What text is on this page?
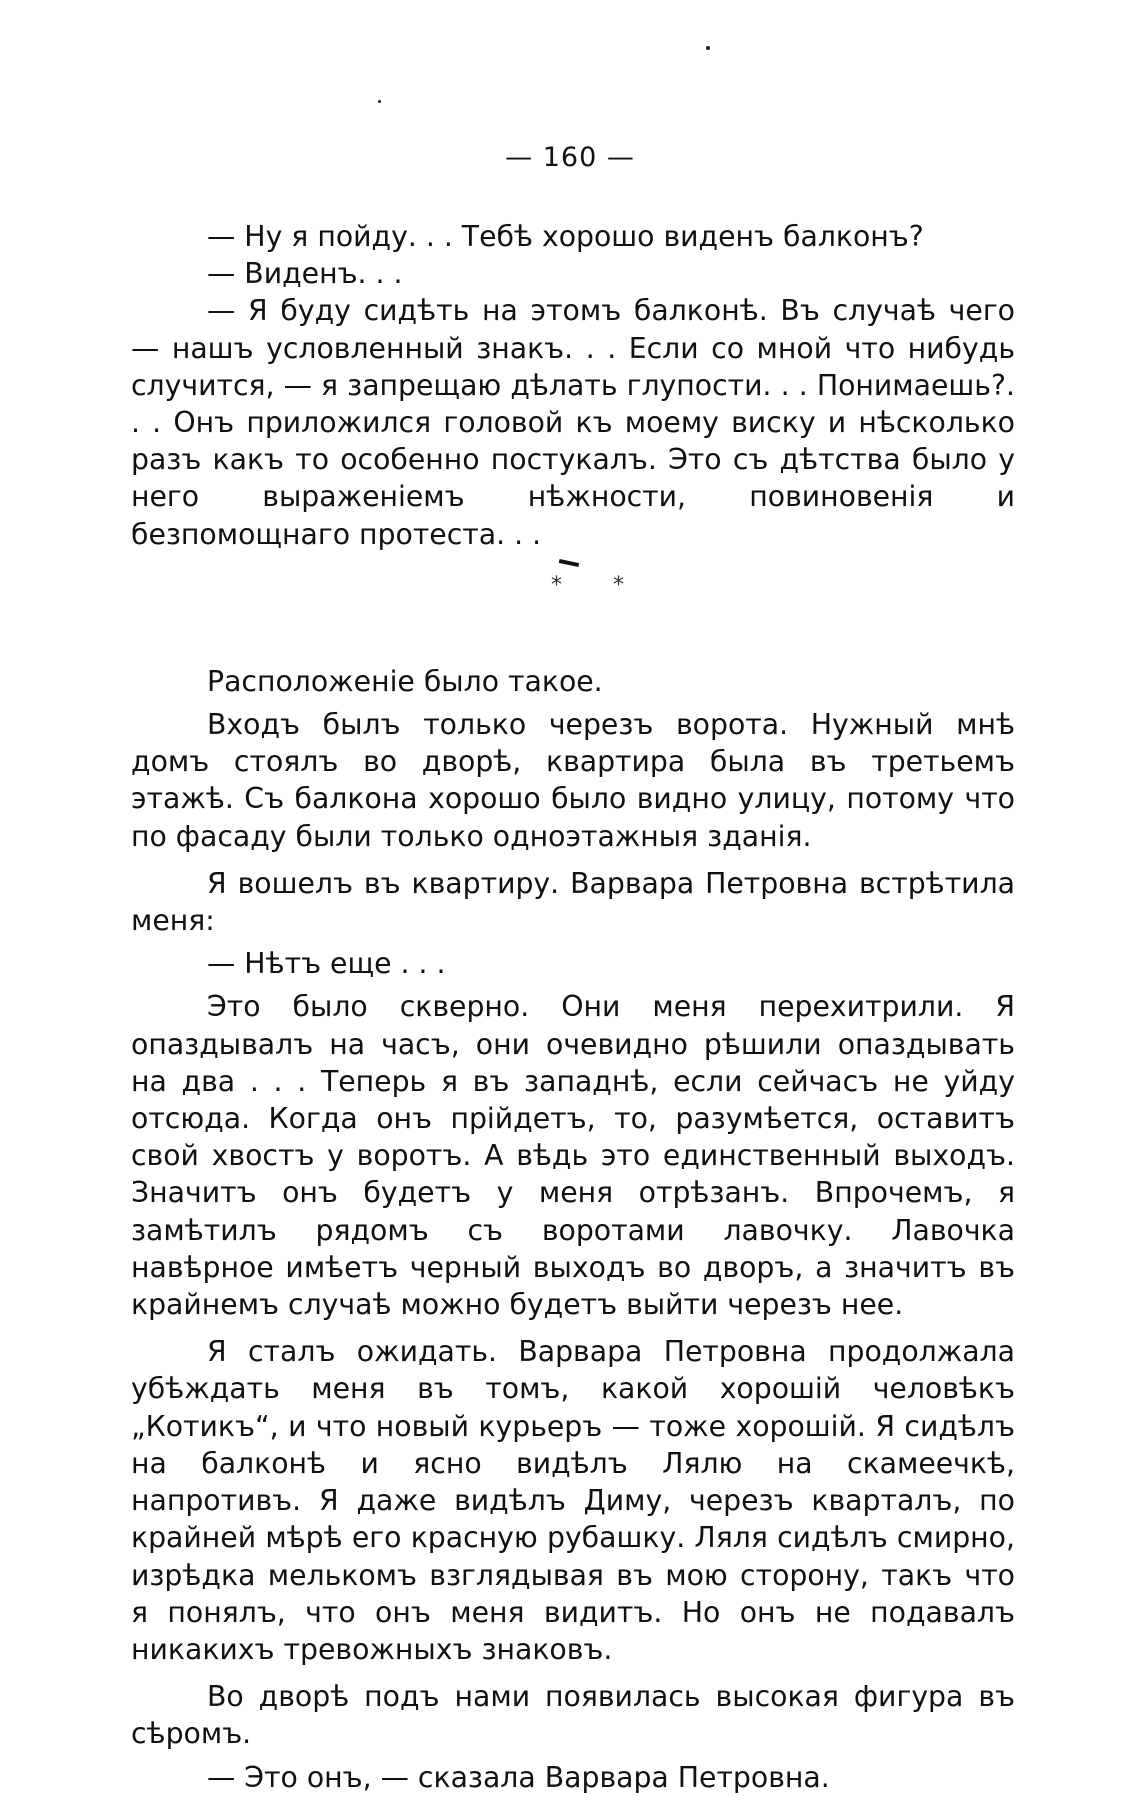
— 160 —

— Ну я пойду. . . Тебѣ хорошо виденъ балконъ?

— Виденъ. . .

— Я буду сидѣть на этомъ балконѣ. Въ случаѣ чего — нашъ условленный знакъ. . . Если со мной что нибудь случится, — я запрещаю дѣлать глупости. . . Понимаешь?. . . Онъ приложился головой къ моему виску и нѣсколько разъ какъ то особенно постукалъ. Это съ дѣтства было у него выраженіемъ нѣжности, повиновенія и безпомощнаго протеста. . .

* *

Расположеніе было такое.

Входъ былъ только черезъ ворота. Нужный мнѣ домъ стоялъ во дворѣ, квартира была въ третьемъ этажѣ. Съ балкона хорошо было видно улицу, потому что по фасаду были только одноэтажныя зданія.

Я вошелъ въ квартиру. Варвара Петровна встрѣтила меня:

— Нѣтъ еще . . .

Это было скверно. Они меня перехитрили. Я опаздывалъ на часъ, они очевидно рѣшили опаздывать на два . . . Теперь я въ западнѣ, если сейчасъ не уйду отсюда. Когда онъ прійдетъ, то, разумѣется, оставитъ свой хвостъ у воротъ. А вѣдь это единственный выходъ. Значитъ онъ будетъ у меня отрѣзанъ. Впрочемъ, я замѣтилъ рядомъ съ воротами лавочку. Лавочка навѣрное имѣетъ черный выходъ во дворъ, а значитъ въ крайнемъ случаѣ можно будетъ выйти черезъ нее.

Я сталъ ожидать. Варвара Петровна продолжала убѣждать меня въ томъ, какой хорошій человѣкъ „Котикъ“, и что новый курьеръ — тоже хорошій. Я сидѣлъ на балконѣ и ясно видѣлъ Лялю на скамеечкѣ, напротивъ. Я даже видѣлъ Диму, черезъ кварталъ, по крайней мѣрѣ его красную рубашку. Ляля сидѣлъ смирно, изрѣдка мелькомъ взглядывая въ мою сторону, такъ что я понялъ, что онъ меня видитъ. Но онъ не подавалъ никакихъ тревожныхъ знаковъ.

Во дворѣ подъ нами появилась высокая фигура въ сѣромъ.

— Это онъ, — сказала Варвара Петровна.
